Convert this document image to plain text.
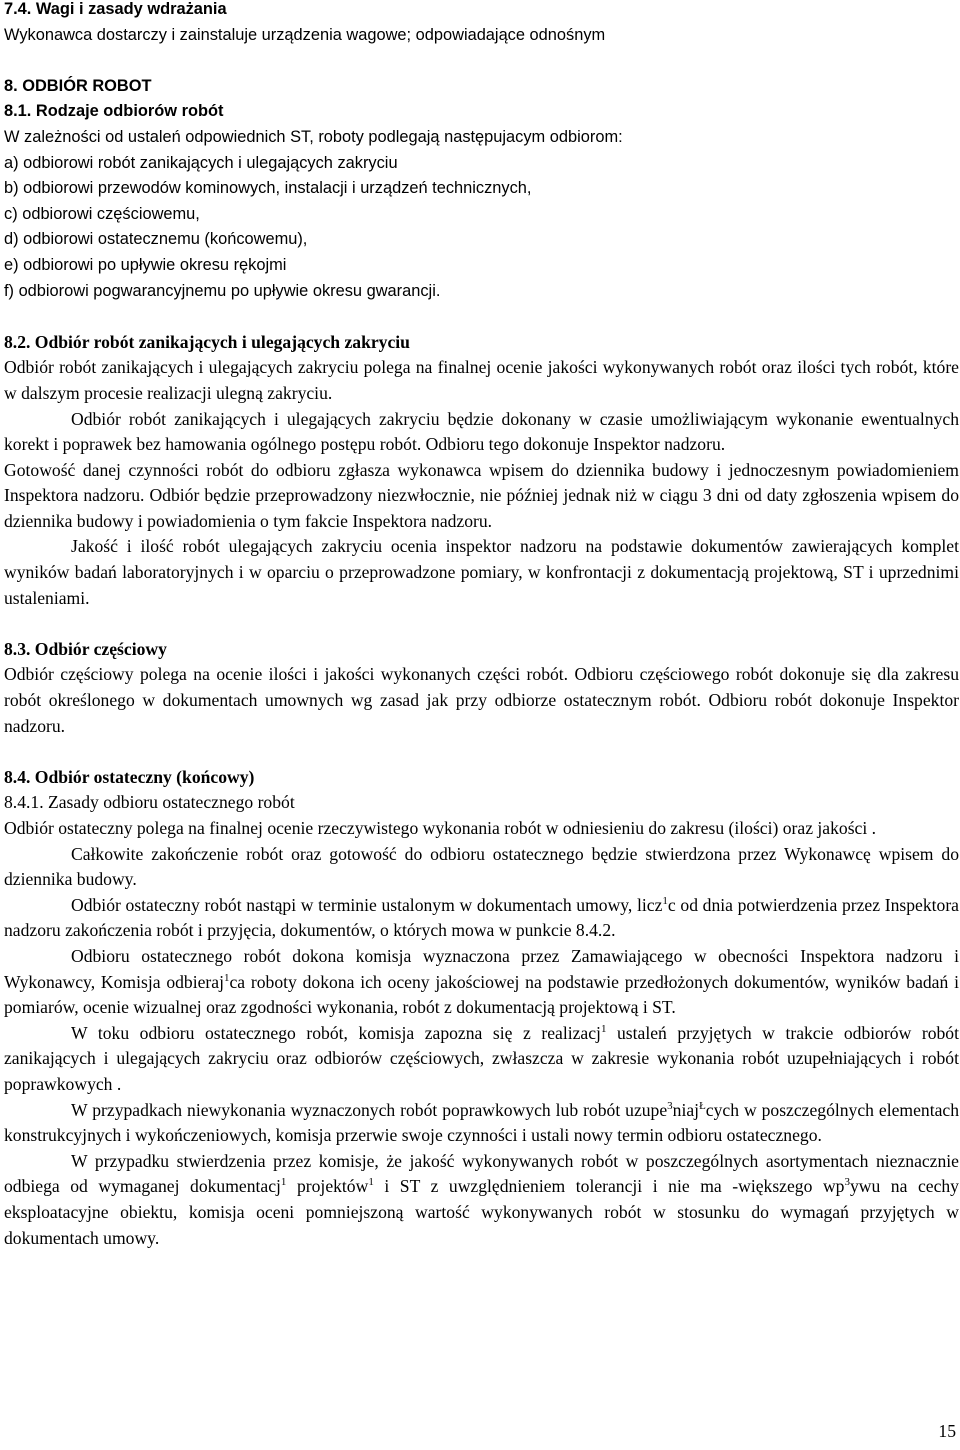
7.4. Wagi i zasady wdrażania
Wykonawca dostarczy i zainstaluje urządzenia wagowe; odpowiadające odnośnym
8. ODBIÓR ROBOT
8.1. Rodzaje odbiorów robót
W zależności od ustaleń odpowiednich ST, roboty podlegają następujacym odbiorom:
a) odbiorowi robót zanikających i ulegających zakryciu
b) odbiorowi przewodów kominowych, instalacji i urządzeń technicznych,
c) odbiorowi częściowemu,
d) odbiorowi ostatecznemu (końcowemu),
e) odbiorowi po upływie okresu rękojmi
f) odbiorowi pogwarancyjnemu po upływie okresu gwarancji.
8.2. Odbiór robót zanikających i ulegających zakryciu

Odbiór robót zanikających i ulegających zakryciu polega na finalnej ocenie jakości wykonywanych robót oraz ilości tych robót, które w dalszym procesie realizacji ulegną zakryciu.

Odbiór robót zanikających i ulegających zakryciu będzie dokonany w czasie umożliwiającym wykonanie ewentualnych korekt i poprawek bez hamowania ogólnego postępu robót. Odbioru tego dokonuje Inspektor nadzoru.

Gotowość danej czynności robót do odbioru zgłasza wykonawca wpisem do dziennika budowy i jednoczesnym powiadomieniem Inspektora nadzoru. Odbiór będzie przeprowadzony niezwłocznie, nie później jednak niż w ciągu 3 dni od daty zgłoszenia wpisem do dziennika budowy i powiadomienia o tym fakcie Inspektora nadzoru.

Jakość i ilość robót ulegających zakryciu ocenia inspektor nadzoru na podstawie dokumentów zawierających komplet wyników badań laboratoryjnych i w oparciu o przeprowadzone pomiary, w konfrontacji z dokumentacją projektową, ST i uprzednimi ustaleniami.

8.3. Odbiór częściowy

Odbiór częściowy polega na ocenie ilości i jakości wykonanych części robót. Odbioru częściowego robót dokonuje się dla zakresu robót określonego w dokumentach umownych wg zasad jak przy odbiorze ostatecznym robót. Odbioru robót dokonuje Inspektor nadzoru.

8.4. Odbiór ostateczny (końcowy)
8.4.1. Zasady odbioru ostatecznego robót

Odbiór ostateczny polega na finalnej ocenie rzeczywistego wykonania robót w odniesieniu do zakresu (ilości) oraz jakości .

Całkowite zakończenie robót oraz gotowość do odbioru ostatecznego będzie stwierdzona przez Wykonawcę wpisem do dziennika budowy.

Odbiór ostateczny robót nastąpi w terminie ustalonym w dokumentach umowy, licz$^1$c od dnia potwierdzenia przez Inspektora nadzoru zakończenia robót i przyjęcia, dokumentów, o których mowa w punkcie 8.4.2.

Odbioru ostatecznego robót dokona komisja wyznaczona przez Zamawiającego w obecności Inspektora nadzoru i Wykonawcy, Komisja odbieraj$^1$ca roboty dokona ich oceny jakościowej na podstawie przedłożonych dokumentów, wyników badań i pomiarów, ocenie wizualnej oraz zgodności wykonania, robót z dokumentacją projektową i ST.

W toku odbioru ostatecznego robót, komisja zapozna się z realizacj$^1$ ustaleń przyjętych w trakcie odbiorów robót zanikających i ulegających zakryciu oraz odbiorów częściowych, zwłaszcza w zakresie wykonania robót uzupełniających i robót poprawkowych .

W przypadkach niewykonania wyznaczonych robót poprawkowych lub robót uzupe$^3$niaj$^Ł$cych w poszczególnych elementach konstrukcyjnych i wykończeniowych, komisja przerwie swoje czynności i ustali nowy termin odbioru ostatecznego.

W przypadku stwierdzenia przez komisje, że jakość wykonywanych robót w poszczególnych asortymentach nieznacznie odbiega od wymaganej dokumentacj$^1$ projektów$^1$ i ST z uwzględnieniem tolerancji i nie ma -większego $wp^3ywu$ na cechy eksploatacyjne obiektu, komisja oceni pomniejszoną wartość wykonywanych robót w stosunku do wymagań przyjętych w dokumentach umowy.

15
